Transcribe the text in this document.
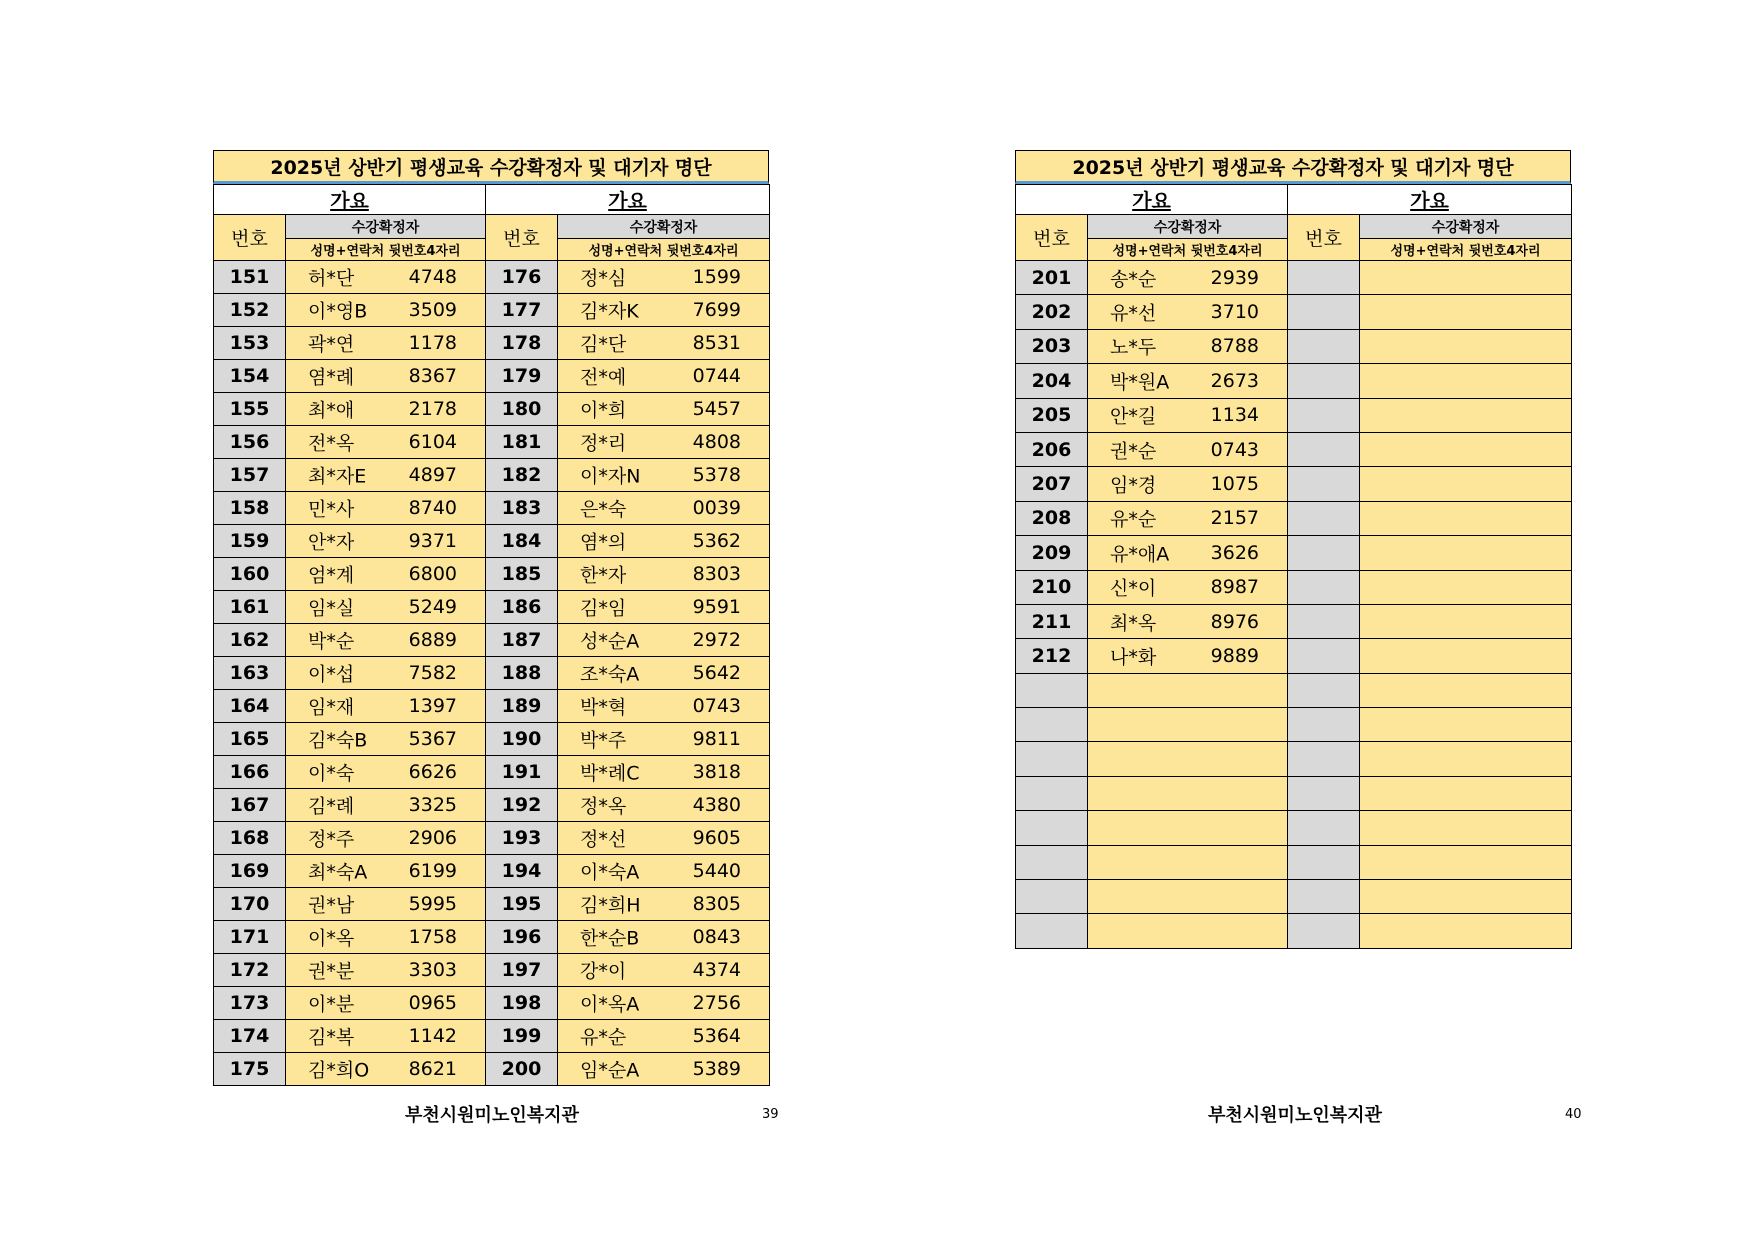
2025년 상반기 평생교육 수강확정자 및 대기자 명단
가요		가요	
번호	수강확정자	번호	수강확정자
	성명+연락처 뒷번호4자리		성명+연락처 뒷번호4자리
151	허*단 4748	176	정*심 1599

152	이*영B 3509	177	김*자K 7699

153	곽*연 1178	178	김*단 8531

154	염*례 8367	179	전*예 0744

155	최*애 2178	180	이*희 5457

156	전*옥 6104	181	정*리 4808

157	최*자E 4897	182	이*자N 5378

158	민*사 8740	183	은*숙 0039

159	안*자 9371	184	염*의 5362

160	엄*계 6800	185	한*자 8303

161	임*실 5249	186	김*임 9591

162	박*순 6889	187	성*순A 2972

163	이*섭 7582	188	조*숙A 5642

164	임*재 1397	189	박*혁 0743

165	김*숙B 5367	190	박*주 9811

166	이*숙 6626	191	박*례C 3818

167	김*례 3325	192	정*옥 4380

168	정*주 2906	193	정*선 9605

169	최*숙A 6199	194	이*숙A 5440

170	권*남 5995	195	김*희H 8305

171	이*옥 1758	196	한*순B 0843

172	권*분 3303	197	강*이 4374

173	이*분 0965	198	이*옥A 2756

174	김*복 1142	199	유*순 5364

175	김*희O 8621	200	임*순A 5389
부천시원미노인복지관	39
2025년 상반기 평생교육 수강확정자 및 대기자 명단
가요		가요	
번호	수강확정자	번호	수강확정자
	성명+연락처 뒷번호4자리		성명+연락처 뒷번호4자리
201	송*순 2939		

202	유*선 3710		

203	노*두 8788		

204	박*원A 2673		

205	안*길 1134		

206	권*순 0743		

207	임*경 1075		

208	유*순 2157		

209	유*애A 3626		

210	신*이 8987		

211	최*옥 8976		

212	나*화 9889		

부천시원미노인복지관	40
